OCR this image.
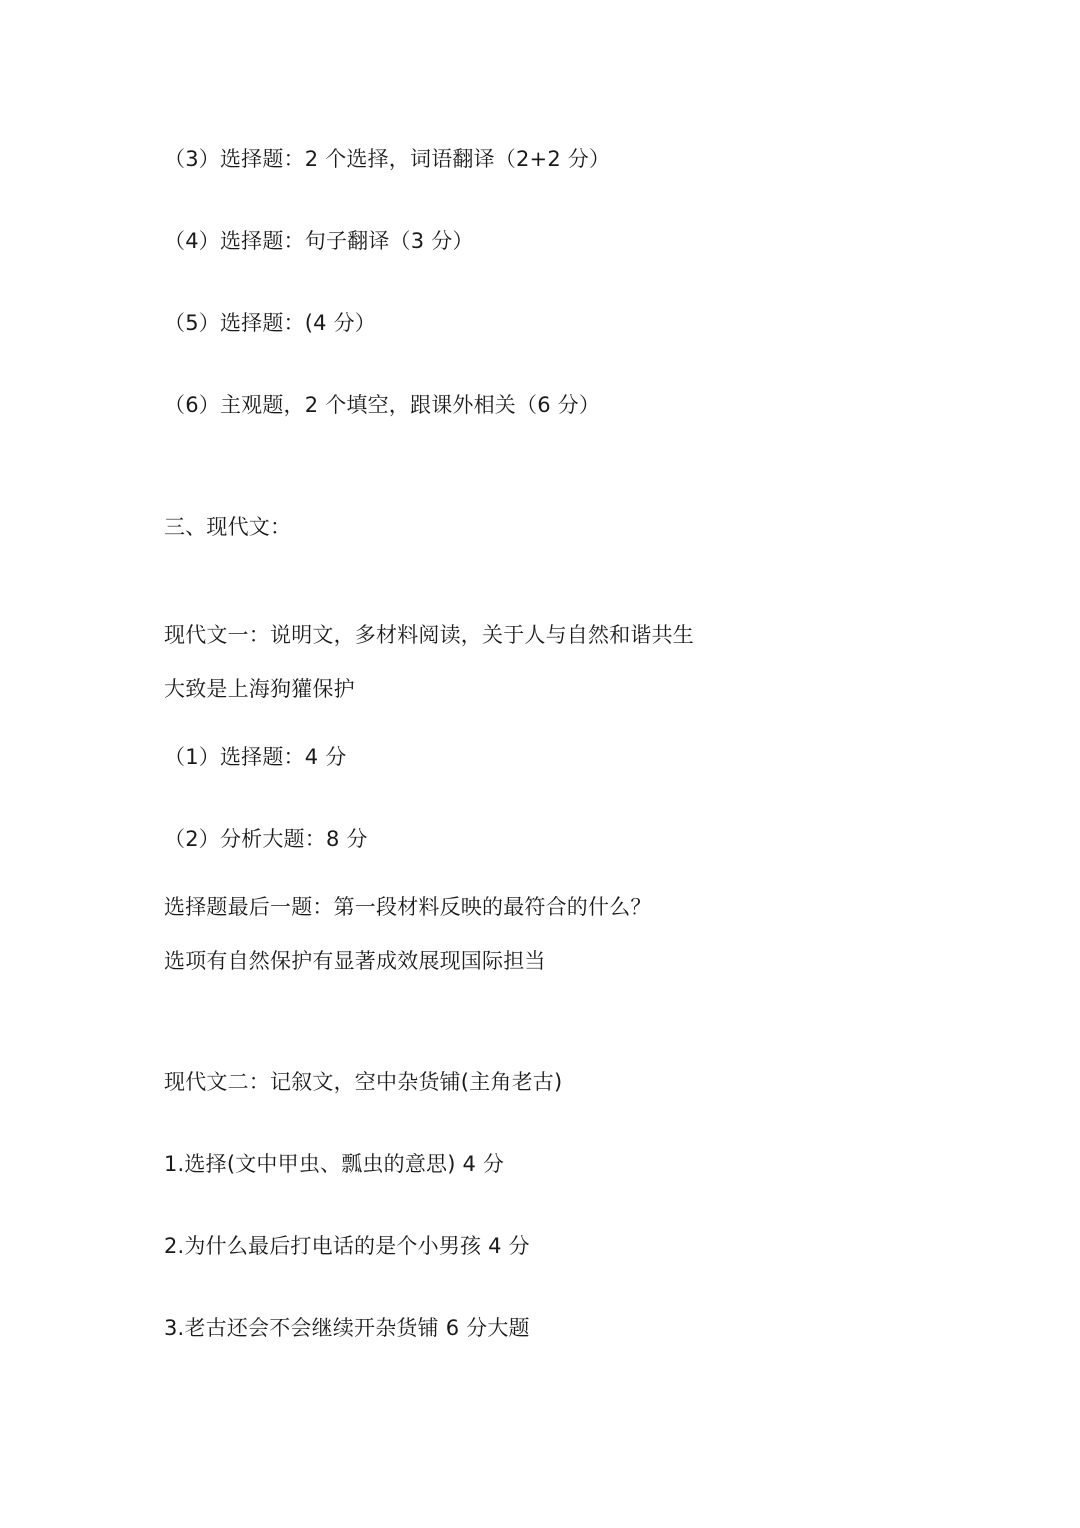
（3）选择题：2 个选择，词语翻译（2+2 分）

（4）选择题：句子翻译（3 分）

（5）选择题：(4 分）

（6）主观题，2 个填空，跟课外相关（6 分）

三、现代文：

现代文一：说明文，多材料阅读，关于人与自然和谐共生

大致是上海狗獾保护

（1）选择题：4 分

（2）分析大题：8 分

选择题最后一题：第一段材料反映的最符合的什么？

选项有自然保护有显著成效展现国际担当

现代文二：记叙文，空中杂货铺(主角老古)

1.选择(文中甲虫、瓢虫的意思) 4 分

2.为什么最后打电话的是个小男孩 4 分

3.老古还会不会继续开杂货铺 6 分大题
